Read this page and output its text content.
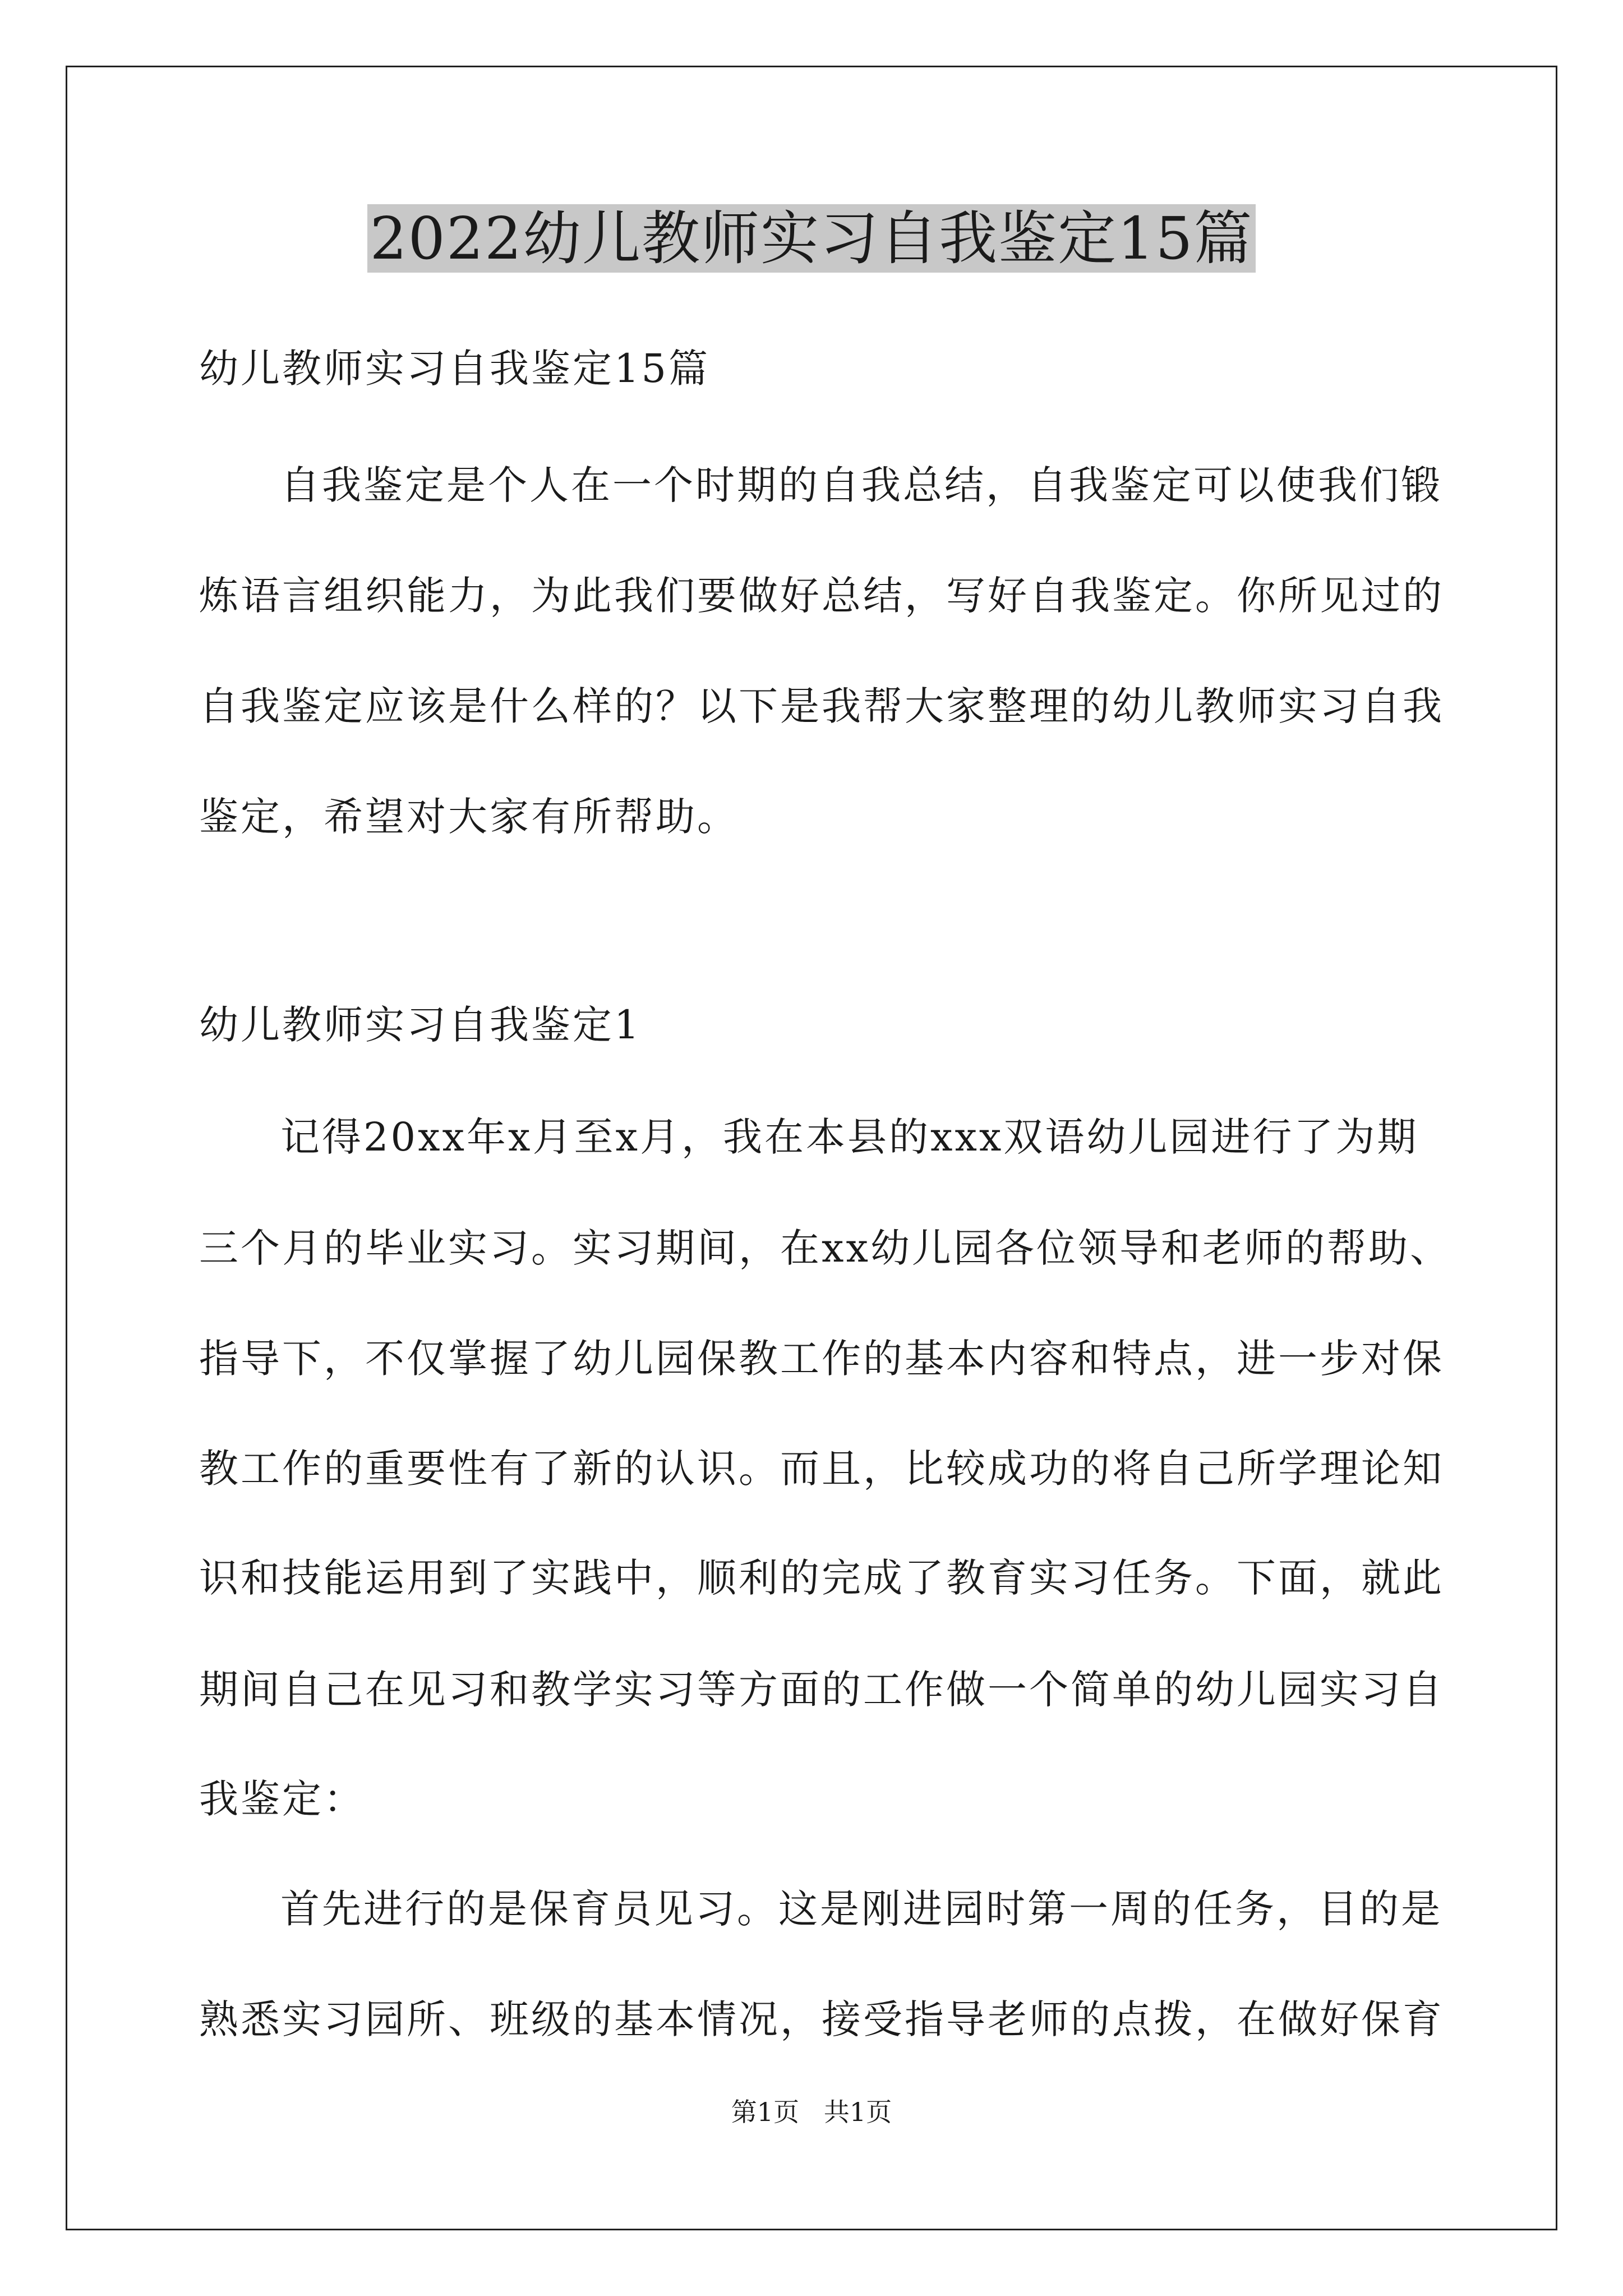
2022幼儿教师实习自我鉴定15篇
幼儿教师实习自我鉴定15篇
自我鉴定是个人在一个时期的自我总结，自我鉴定可以使我们锻
炼语言组织能力，为此我们要做好总结，写好自我鉴定。你所见过的
自我鉴定应该是什么样的？以下是我帮大家整理的幼儿教师实习自我
鉴定，希望对大家有所帮助。
幼儿教师实习自我鉴定1
记得20xx年x月至x月，我在本县的xxx双语幼儿园进行了为期
三个月的毕业实习。实习期间，在xx幼儿园各位领导和老师的帮助、
指导下，不仅掌握了幼儿园保教工作的基本内容和特点，进一步对保
教工作的重要性有了新的认识。而且，比较成功的将自己所学理论知
识和技能运用到了实践中，顺利的完成了教育实习任务。下面，就此
期间自己在见习和教学实习等方面的工作做一个简单的幼儿园实习自
我鉴定：
首先进行的是保育员见习。这是刚进园时第一周的任务，目的是
熟悉实习园所、班级的基本情况，接受指导老师的点拨，在做好保育
第1页   共1页
